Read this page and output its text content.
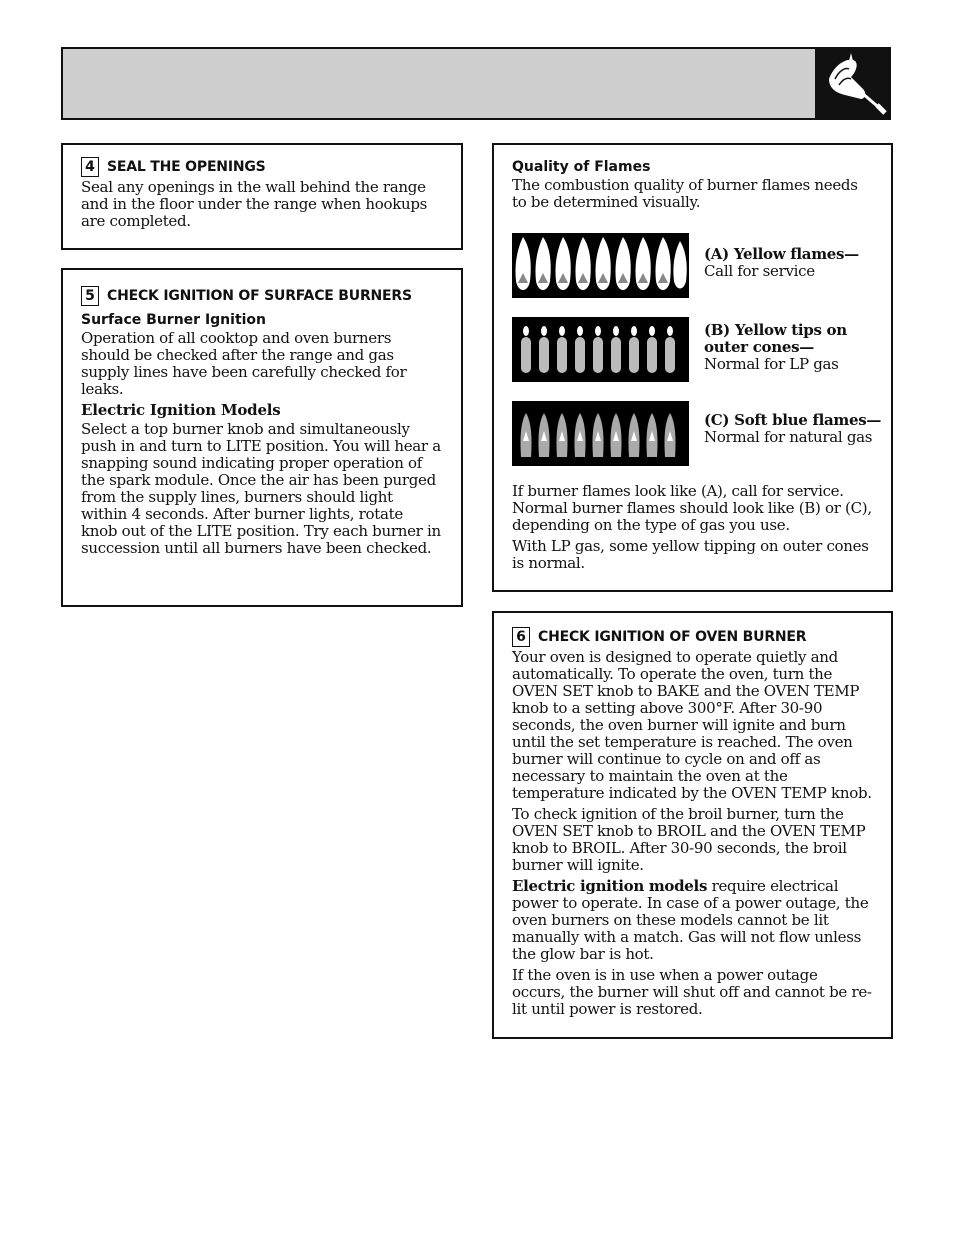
4 SEAL THE OPENINGS

Seal any openings in the wall behind the range and in the floor under the range when hookups are completed.

5 CHECK IGNITION OF SURFACE BURNERS
Surface Burner Ignition

Operation of all cooktop and oven burners should be checked after the range and gas supply lines have been carefully checked for leaks.

Electric Ignition Models

Select a top burner knob and simultaneously push in and turn to LITE position. You will hear a snapping sound indicating proper operation of the spark module. Once the air has been purged from the supply lines, burners should light within 4 seconds. After burner lights, rotate knob out of the LITE position. Try each burner in succession until all burners have been checked.

Quality of Flames

The combustion quality of burner flames needs to be determined visually.

(A) Yellow flames—
Call for service
(B) Yellow tips on outer cones—
Normal for LP gas
(C) Soft blue flames—
Normal for natural gas

If burner flames look like (A), call for service. Normal burner flames should look like (B) or (C), depending on the type of gas you use.

With LP gas, some yellow tipping on outer cones is normal.

6 CHECK IGNITION OF OVEN BURNER

Your oven is designed to operate quietly and automatically. To operate the oven, turn the OVEN SET knob to BAKE and the OVEN TEMP knob to a setting above 300°F. After 30-90 seconds, the oven burner will ignite and burn until the set temperature is reached. The oven burner will continue to cycle on and off as necessary to maintain the oven at the temperature indicated by the OVEN TEMP knob.

To check ignition of the broil burner, turn the OVEN SET knob to BROIL and the OVEN TEMP knob to BROIL. After 30-90 seconds, the broil burner will ignite.

Electric ignition models require electrical power to operate. In case of a power outage, the oven burners on these models cannot be lit manually with a match. Gas will not flow unless the glow bar is hot.

If the oven is in use when a power outage occurs, the burner will shut off and cannot be re-lit until power is restored.
